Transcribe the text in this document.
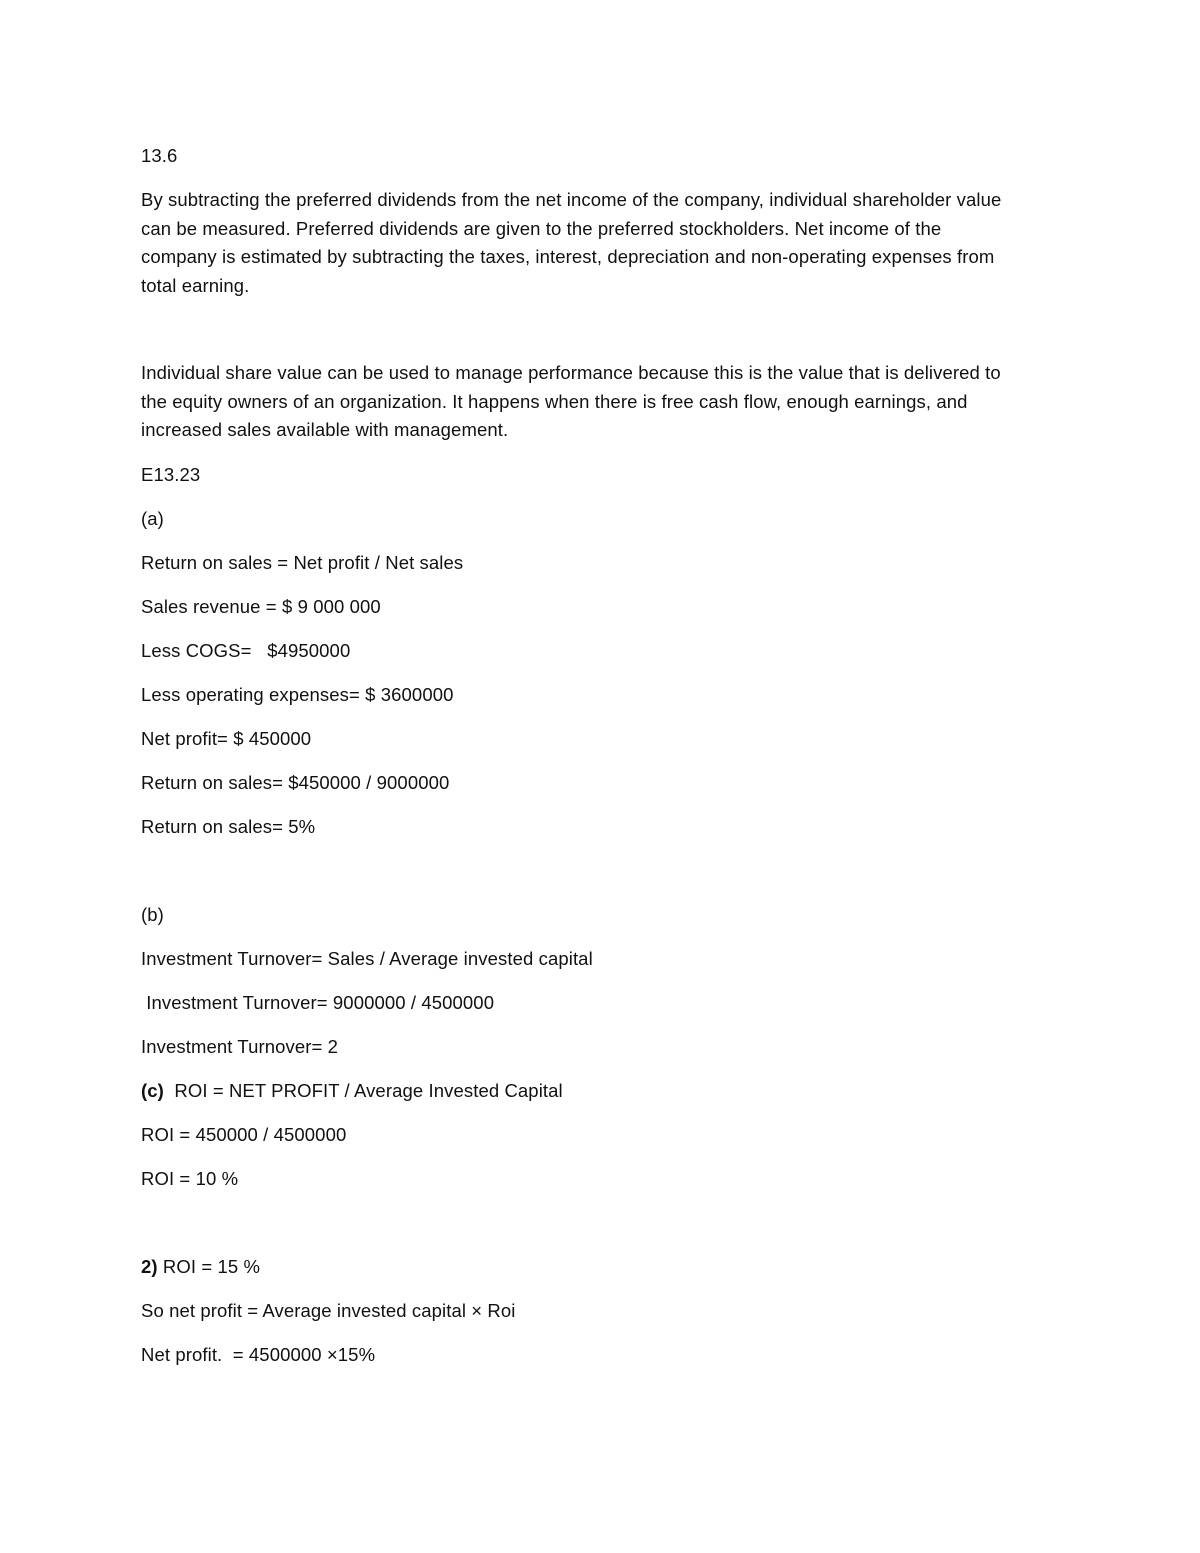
13.6
By subtracting the preferred dividends from the net income of the company, individual shareholder value
can be measured. Preferred dividends are given to the preferred stockholders. Net income of the
company is estimated by subtracting the taxes, interest, depreciation and non-operating expenses from
total earning.
Individual share value can be used to manage performance because this is the value that is delivered to
the equity owners of an organization. It happens when there is free cash flow, enough earnings, and
increased sales available with management.
E13.23
(a)
Return on sales = Net profit / Net sales
Sales revenue = $ 9 000 000
Less COGS=   $4950000
Less operating expenses= $ 3600000
Net profit= $ 450000
Return on sales= $450000 / 9000000
Return on sales= 5%
(b)
Investment Turnover= Sales / Average invested capital
Investment Turnover= 9000000 / 4500000
Investment Turnover= 2
(c)  ROI = NET PROFIT / Average Invested Capital
ROI = 450000 / 4500000
ROI = 10 %
2) ROI = 15 %
So net profit = Average invested capital × Roi
Net profit.  = 4500000 ×15%
